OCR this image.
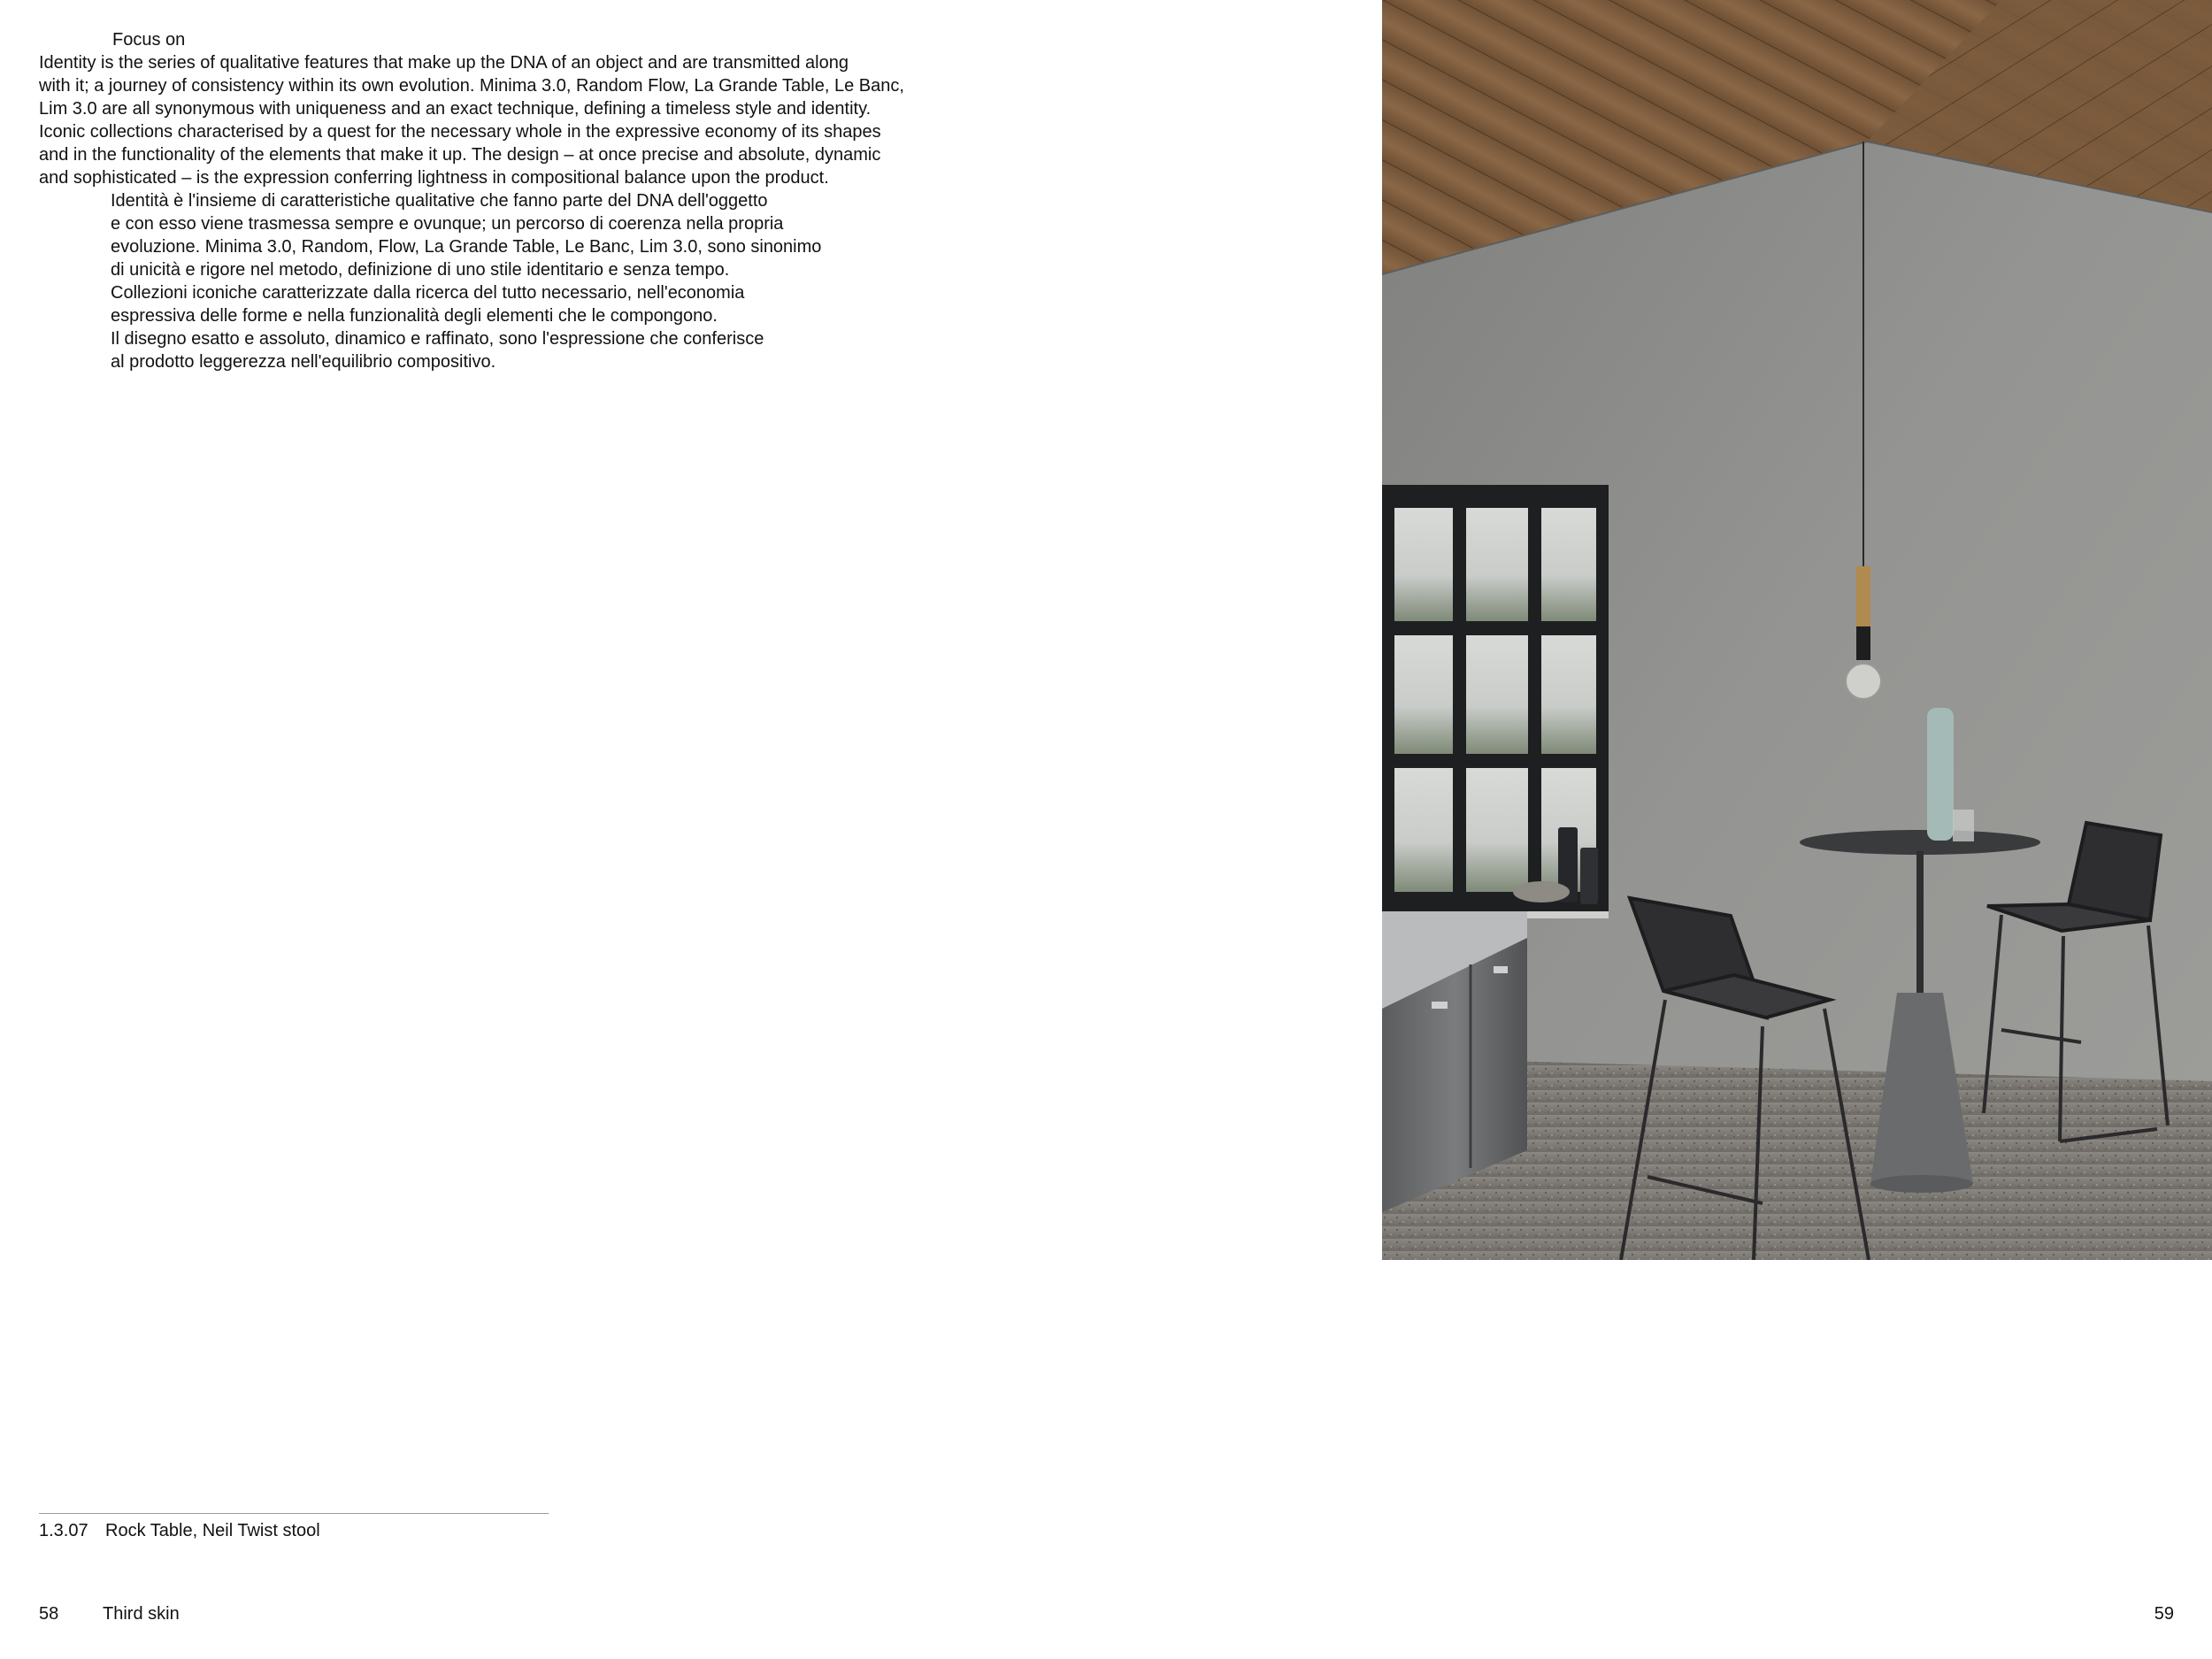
Focus on
Identity is the series of qualitative features that make up the DNA of an object and are transmitted along
with it; a journey of consistency within its own evolution. Minima 3.0, Random Flow, La Grande Table, Le Banc,
Lim 3.0 are all synonymous with uniqueness and an exact technique, defining a timeless style and identity.
Iconic collections characterised by a quest for the necessary whole in the expressive economy of its shapes
and in the functionality of the elements that make it up. The design – at once precise and absolute, dynamic
and sophisticated – is the expression conferring lightness in compositional balance upon the product.
Identità è l'insieme di caratteristiche qualitative che fanno parte del DNA dell'oggetto
e con esso viene trasmessa sempre e ovunque; un percorso di coerenza nella propria
evoluzione. Minima 3.0, Random, Flow, La Grande Table, Le Banc, Lim 3.0, sono sinonimo
di unicità e rigore nel metodo, definizione di uno stile identitario e senza tempo.
Collezioni iconiche caratterizzate dalla ricerca del tutto necessario, nell'economia
espressiva delle forme e nella funzionalità degli elementi che le compongono.
Il disegno esatto e assoluto, dinamico e raffinato, sono l'espressione che conferisce
al prodotto leggerezza nell'equilibrio compositivo.
1.3.07 Rock Table, Neil Twist stool
58 Third skin	59
